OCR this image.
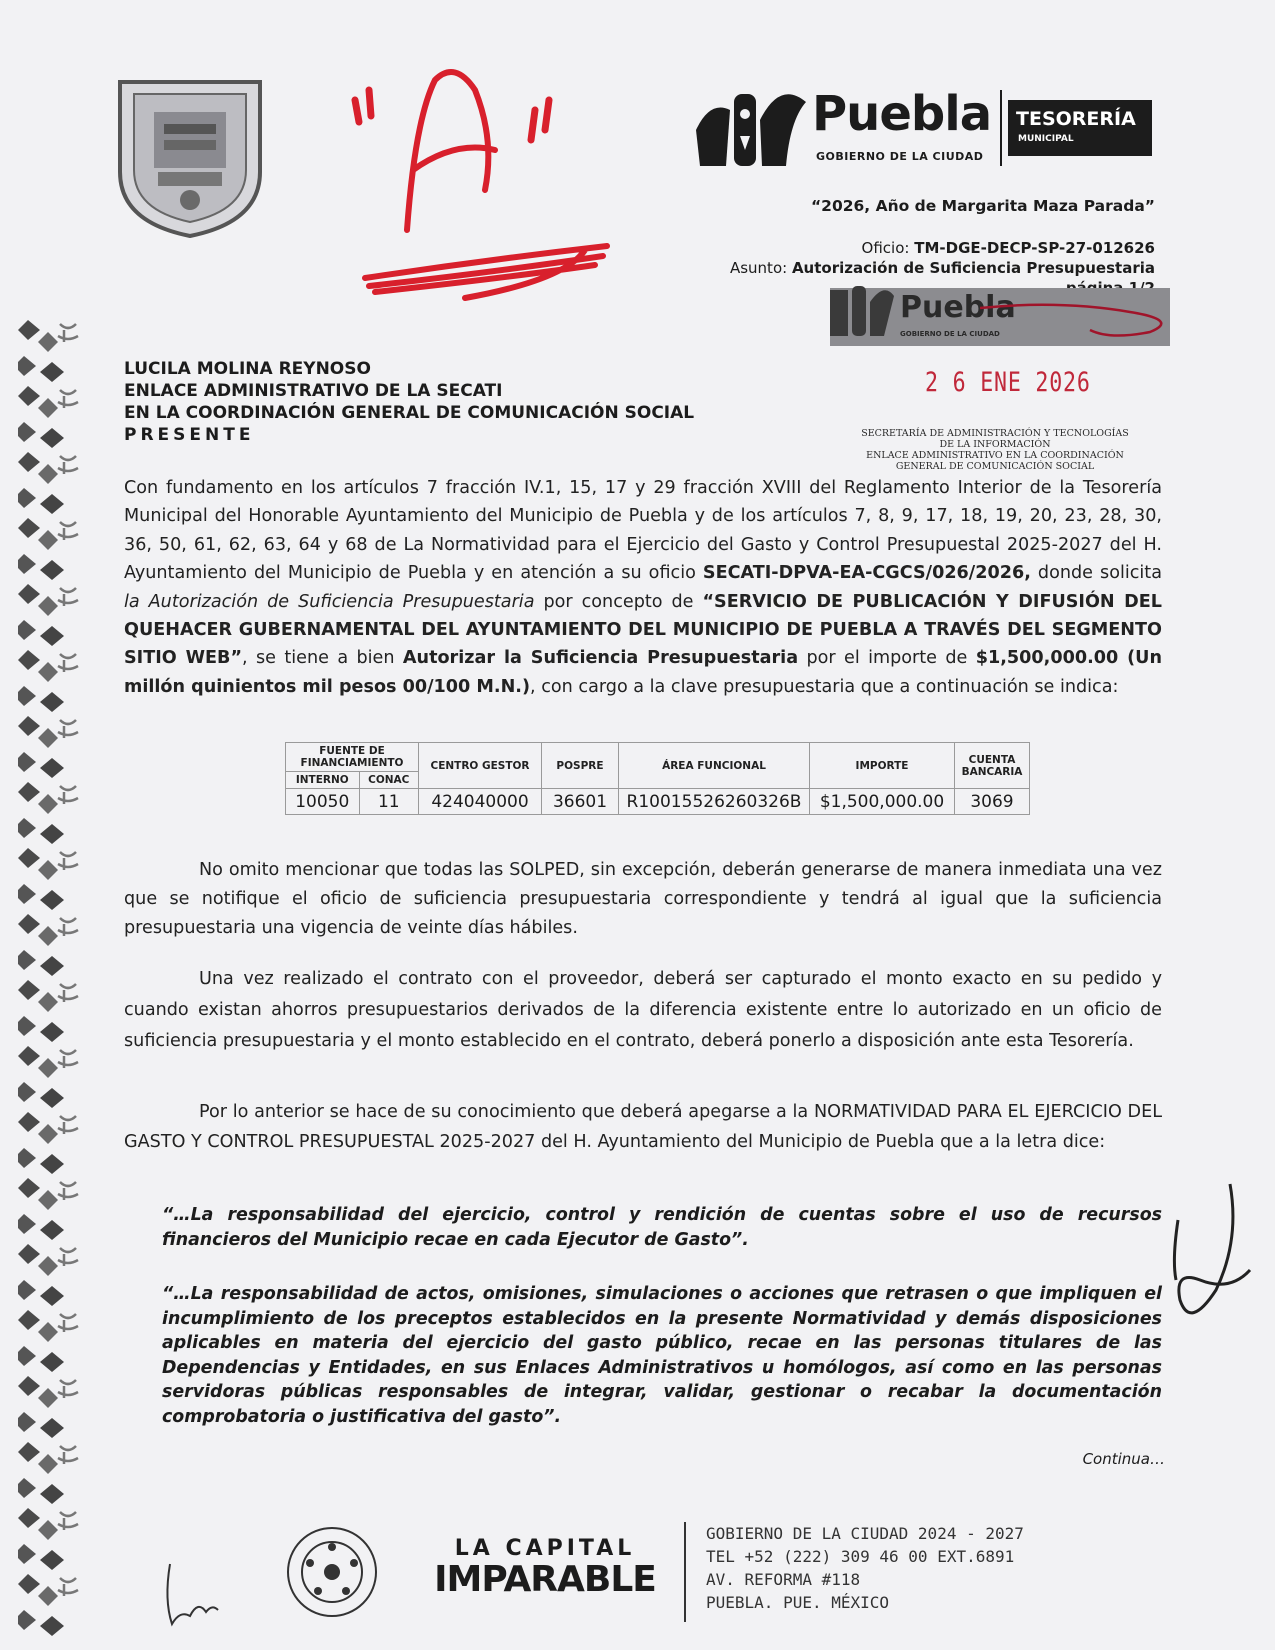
Puebla
GOBIERNO DE LA CIUDAD
TESORERÍA
MUNICIPAL
“2026, Año de Margarita Maza Parada”
Oficio: TM-DGE-DECP-SP-27-012626
Asunto: Autorización de Suficiencia Presupuestaria
Puebla
GOBIERNO DE LA CIUDAD
2 6 ENE 2026
SECRETARÍA DE ADMINISTRACIÓN Y TECNOLOGÍAS
DE LA INFORMACIÓN
ENLACE ADMINISTRATIVO EN LA COORDINACIÓN
GENERAL DE COMUNICACIÓN SOCIAL
LUCILA MOLINA REYNOSO
ENLACE ADMINISTRATIVO DE LA SECATI
EN LA COORDINACIÓN GENERAL DE COMUNICACIÓN SOCIAL
PRESENTE
Con fundamento en los artículos 7 fracción IV.1, 15, 17 y 29 fracción XVIII del Reglamento Interior de la Tesorería Municipal del Honorable Ayuntamiento del Municipio de Puebla y de los artículos 7, 8, 9, 17, 18, 19, 20, 23, 28, 30, 36, 50, 61, 62, 63, 64 y 68 de La Normatividad para el Ejercicio del Gasto y Control Presupuestal 2025-2027 del H. Ayuntamiento del Municipio de Puebla y en atención a su oficio SECATI-DPVA-EA-CGCS/026/2026, donde solicita la Autorización de Suficiencia Presupuestaria por concepto de “SERVICIO DE PUBLICACIÓN Y DIFUSIÓN DEL QUEHACER GUBERNAMENTAL DEL AYUNTAMIENTO DEL MUNICIPIO DE PUEBLA A TRAVÉS DEL SEGMENTO SITIO WEB”, se tiene a bien Autorizar la Suficiencia Presupuestaria por el importe de $1,500,000.00 (Un millón quinientos mil pesos 00/100 M.N.), con cargo a la clave presupuestaria que a continuación se indica:
FUENTE DE FINANCIAMIENTO		CENTRO GESTOR	POSPRE	ÁREA FUNCIONAL	IMPORTE	CUENTA BANCARIA
INTERNO	CONAC					
10050	11	424040000	36601	R10015526260326B	$1,500,000.00	3069
No omito mencionar que todas las SOLPED, sin excepción, deberán generarse de manera inmediata una vez que se notifique el oficio de suficiencia presupuestaria correspondiente y tendrá al igual que la suficiencia presupuestaria una vigencia de veinte días hábiles.
Una vez realizado el contrato con el proveedor, deberá ser capturado el monto exacto en su pedido y cuando existan ahorros presupuestarios derivados de la diferencia existente entre lo autorizado en un oficio de suficiencia presupuestaria y el monto establecido en el contrato, deberá ponerlo a disposición ante esta Tesorería.
Por lo anterior se hace de su conocimiento que deberá apegarse a la NORMATIVIDAD PARA EL EJERCICIO DEL GASTO Y CONTROL PRESUPUESTAL 2025-2027 del H. Ayuntamiento del Municipio de Puebla que a la letra dice:
“…La responsabilidad del ejercicio, control y rendición de cuentas sobre el uso de recursos financieros del Municipio recae en cada Ejecutor de Gasto”.
“…La responsabilidad de actos, omisiones, simulaciones o acciones que retrasen o que impliquen el incumplimiento de los preceptos establecidos en la presente Normatividad y demás disposiciones aplicables en materia del ejercicio del gasto público, recae en las personas titulares de las Dependencias y Entidades, en sus Enlaces Administrativos u homólogos, así como en las personas servidoras públicas responsables de integrar, validar, gestionar o recabar la documentación comprobatoria o justificativa del gasto”.
Continua…
LA CAPITAL
IMPARABLE
GOBIERNO DE LA CIUDAD 2024 - 2027
TEL +52 (222) 309 46 00 EXT.6891
AV. REFORMA #118
PUEBLA. PUE. MÉXICO
